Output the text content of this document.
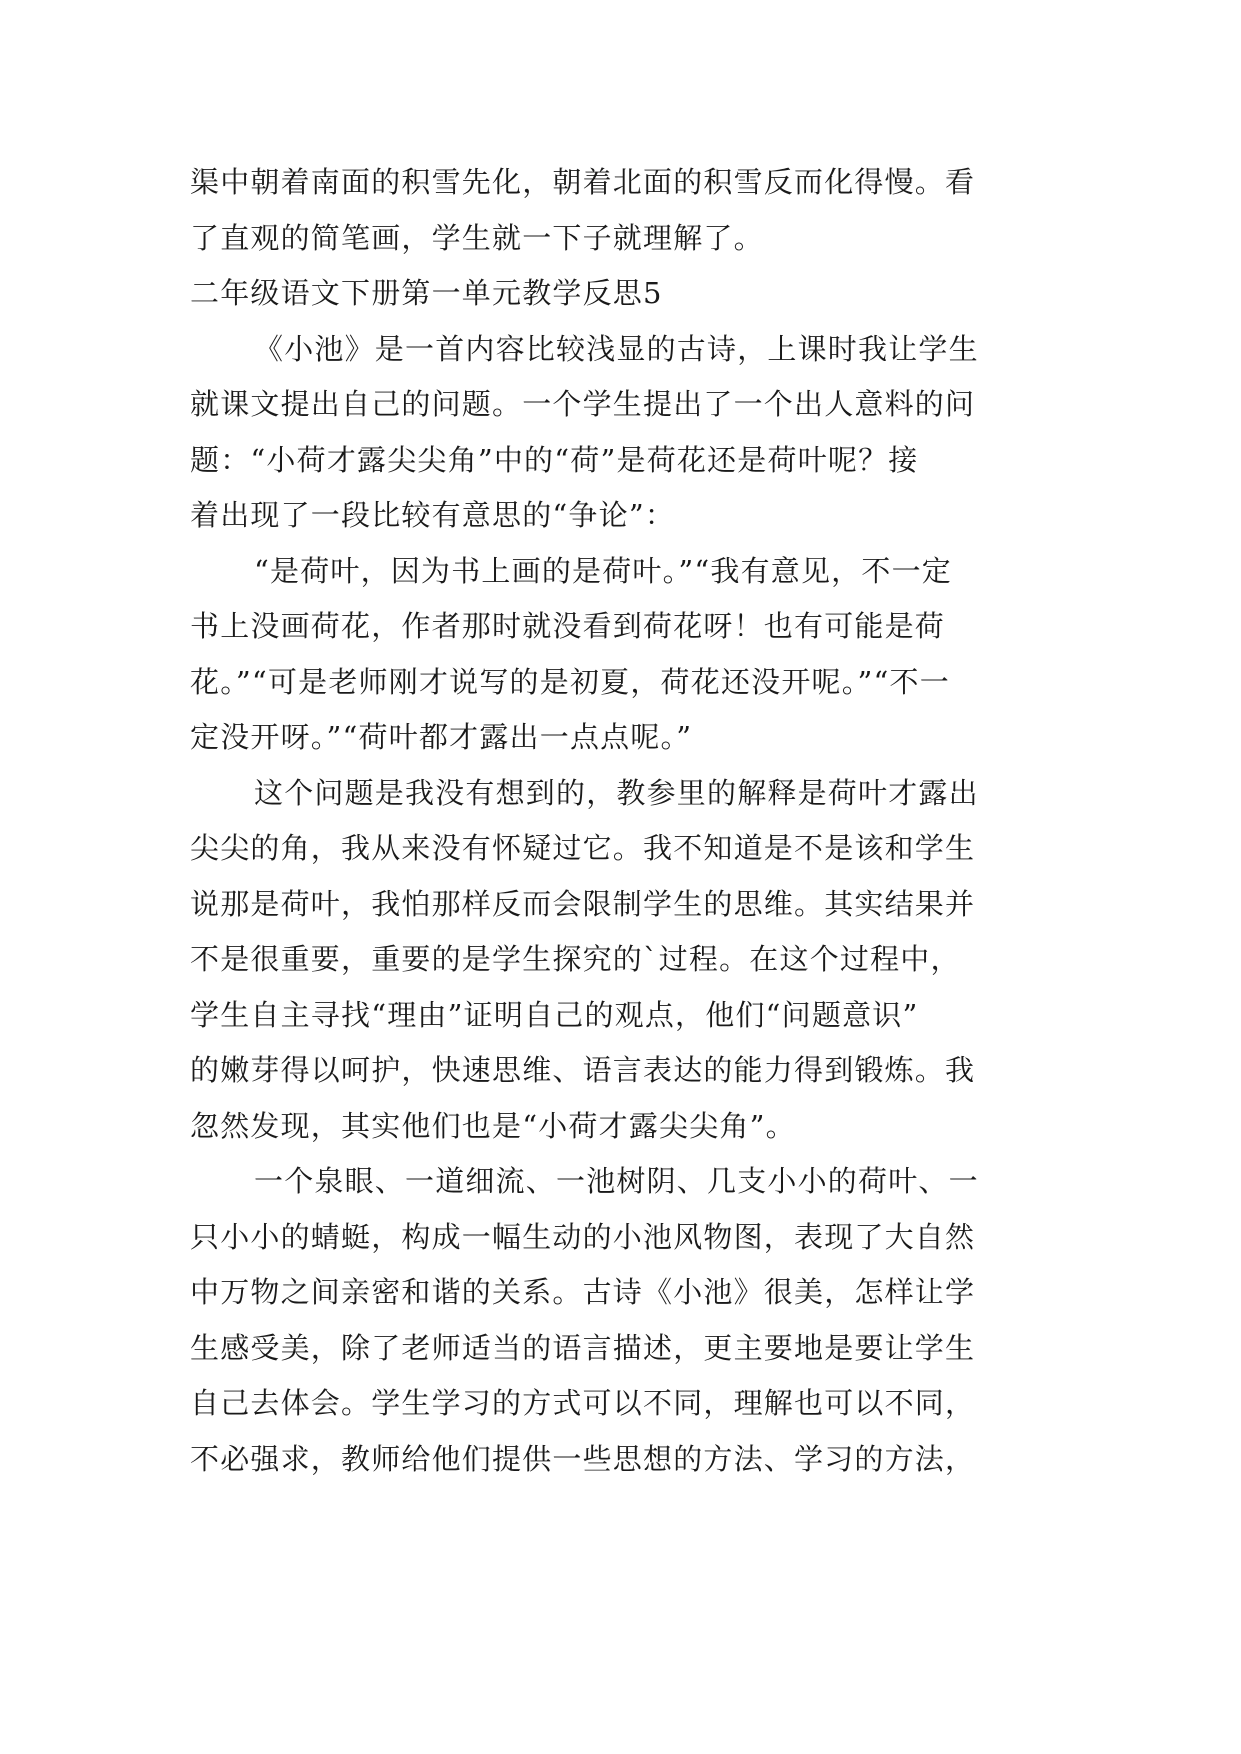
渠中朝着南面的积雪先化，朝着北面的积雪反而化得慢。看
了直观的简笔画，学生就一下子就理解了。
二年级语文下册第一单元教学反思5
《小池》是一首内容比较浅显的古诗，上课时我让学生
就课文提出自己的问题。一个学生提出了一个出人意料的问
题：“小荷才露尖尖角”中的“荷”是荷花还是荷叶呢？接
着出现了一段比较有意思的“争论”：
“是荷叶，因为书上画的是荷叶。”“我有意见，不一定
书上没画荷花，作者那时就没看到荷花呀！也有可能是荷
花。”“可是老师刚才说写的是初夏，荷花还没开呢。”“不一
定没开呀。”“荷叶都才露出一点点呢。”
这个问题是我没有想到的，教参里的解释是荷叶才露出
尖尖的角，我从来没有怀疑过它。我不知道是不是该和学生
说那是荷叶，我怕那样反而会限制学生的思维。其实结果并
不是很重要，重要的是学生探究的`过程。在这个过程中，
学生自主寻找“理由”证明自己的观点，他们“问题意识”
的嫩芽得以呵护，快速思维、语言表达的能力得到锻炼。我
忽然发现，其实他们也是“小荷才露尖尖角”。
一个泉眼、一道细流、一池树阴、几支小小的荷叶、一
只小小的蜻蜓，构成一幅生动的小池风物图，表现了大自然
中万物之间亲密和谐的关系。古诗《小池》很美，怎样让学
生感受美，除了老师适当的语言描述，更主要地是要让学生
自己去体会。学生学习的方式可以不同，理解也可以不同，
不必强求，教师给他们提供一些思想的方法、学习的方法，
